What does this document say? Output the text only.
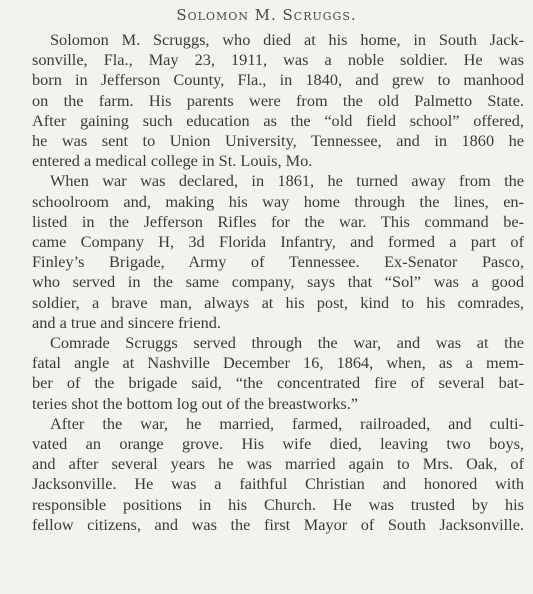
Solomon M. Scruggs.
Solomon M. Scruggs, who died at his home, in South Jack-
sonville, Fla., May 23, 1911, was a noble soldier. He was
born in Jefferson County, Fla., in 1840, and grew to manhood
on the farm. His parents were from the old Palmetto State.
After gaining such education as the “old field school” offered,
he was sent to Union University, Tennessee, and in 1860 he
entered a medical college in St. Louis, Mo.
When war was declared, in 1861, he turned away from the
schoolroom and, making his way home through the lines, en-
listed in the Jefferson Rifles for the war. This command be-
came Company H, 3d Florida Infantry, and formed a part of
Finley’s Brigade, Army of Tennessee. Ex-Senator Pasco,
who served in the same company, says that “Sol” was a good
soldier, a brave man, always at his post, kind to his comrades,
and a true and sincere friend.
Comrade Scruggs served through the war, and was at the
fatal angle at Nashville December 16, 1864, when, as a mem-
ber of the brigade said, “the concentrated fire of several bat-
teries shot the bottom log out of the breastworks.”
After the war, he married, farmed, railroaded, and culti-
vated an orange grove. His wife died, leaving two boys,
and after several years he was married again to Mrs. Oak, of
Jacksonville. He was a faithful Christian and honored with
responsible positions in his Church. He was trusted by his
fellow citizens, and was the first Mayor of South Jacksonville.
